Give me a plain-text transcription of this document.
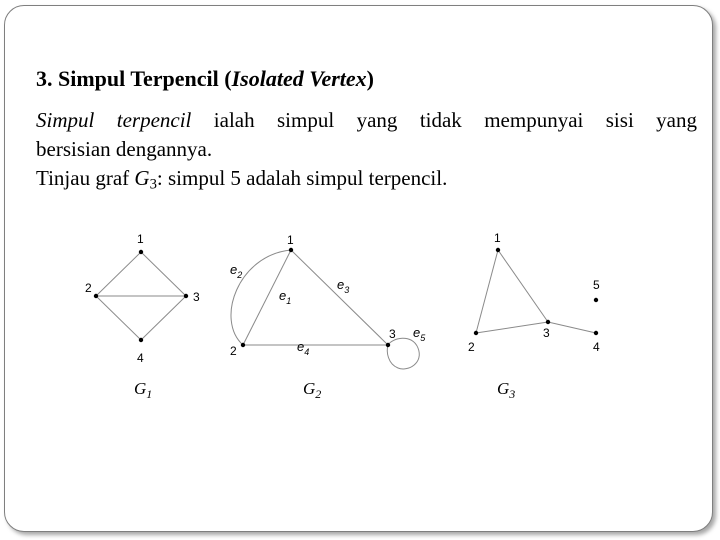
3. Simpul Terpencil (Isolated Vertex)

Simpul terpencil ialah simpul yang tidak mempunyai sisi yang

bersisian dengannya.

Tinjau graf $G_3$: simpul 5 adalah simpul terpencil.

1
2
3
4
$G_1$
1
2
3
$e_1$
$e_2$
$e_3$
$e_4$
$e_5$
$G_2$
1
2
3
4
5
$G_3$
